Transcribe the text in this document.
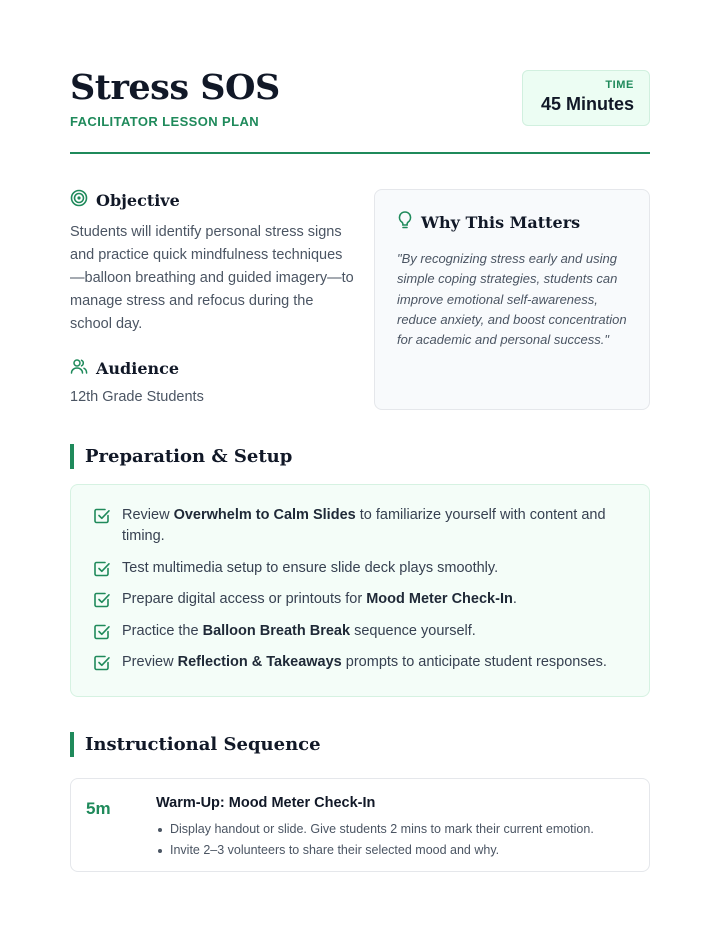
Stress SOS
FACILITATOR LESSON PLAN
TIME
45 Minutes
Objective
Students will identify personal stress signs and practice quick mindfulness techniques—balloon breathing and guided imagery—to manage stress and refocus during the school day.
Audience
12th Grade Students
Why This Matters
"By recognizing stress early and using simple coping strategies, students can improve emotional self-awareness, reduce anxiety, and boost concentration for academic and personal success."
Preparation & Setup
Review Overwhelm to Calm Slides to familiarize yourself with content and timing.
Test multimedia setup to ensure slide deck plays smoothly.
Prepare digital access or printouts for Mood Meter Check-In.
Practice the Balloon Breath Break sequence yourself.
Preview Reflection & Takeaways prompts to anticipate student responses.
Instructional Sequence
5m	Warm-Up: Mood Meter Check-In
Display handout or slide. Give students 2 mins to mark their current emotion.
Invite 2–3 volunteers to share their selected mood and why.
